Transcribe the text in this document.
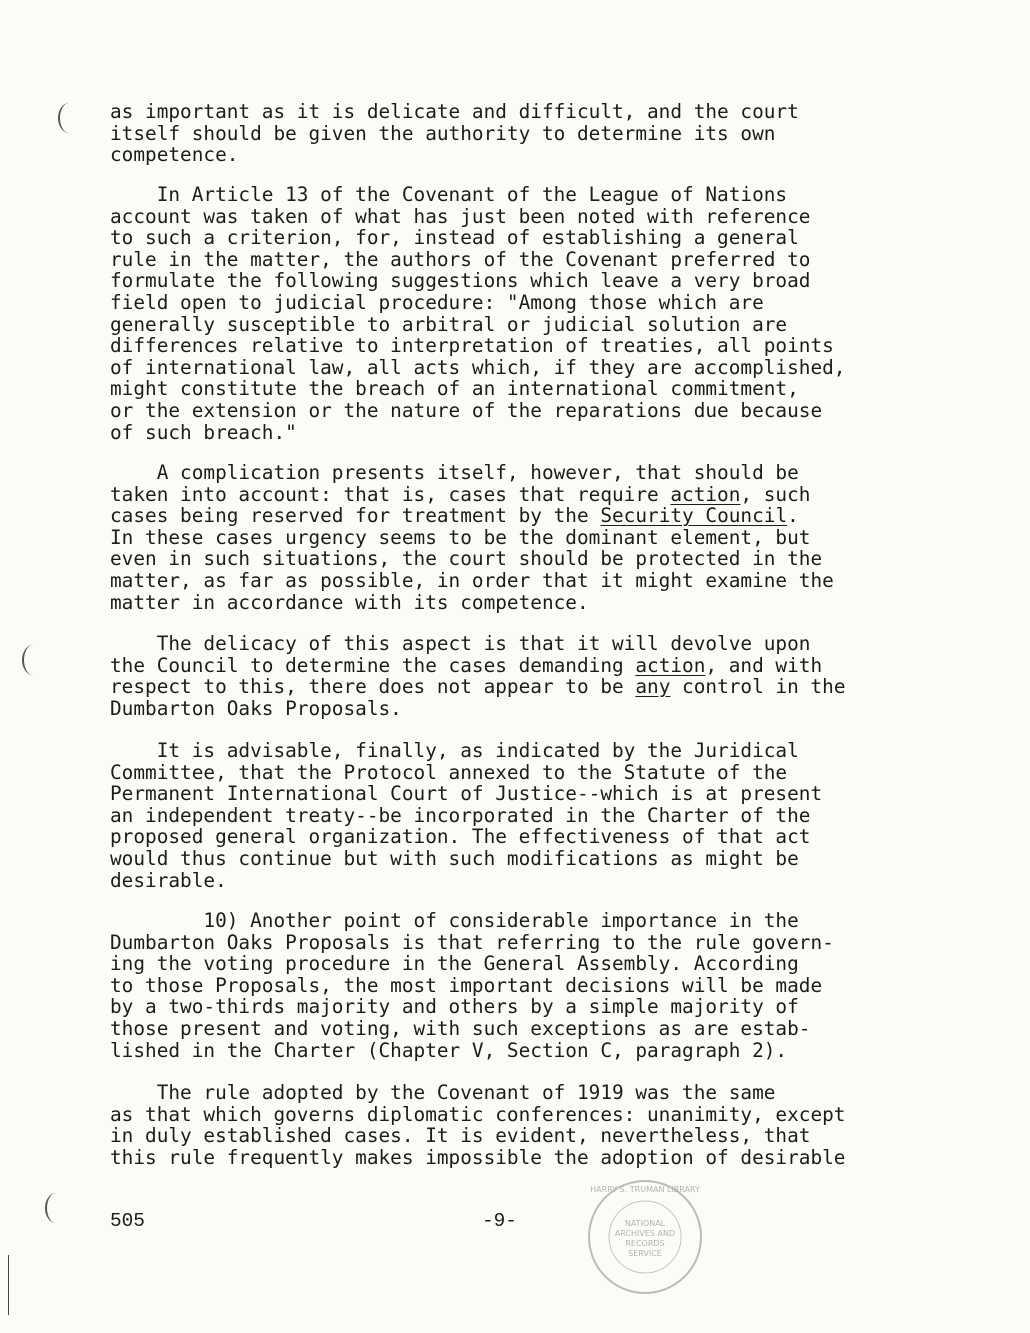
as important as it is delicate and difficult, and the court
itself should be given the authority to determine its own
competence.
In Article 13 of the Covenant of the League of Nations
account was taken of what has just been noted with reference
to such a criterion, for, instead of establishing a general
rule in the matter, the authors of the Covenant preferred to
formulate the following suggestions which leave a very broad
field open to judicial procedure: "Among those which are
generally susceptible to arbitral or judicial solution are
differences relative to interpretation of treaties, all points
of international law, all acts which, if they are accomplished,
might constitute the breach of an international commitment,
or the extension or the nature of the reparations due because
of such breach."
A complication presents itself, however, that should be
taken into account: that is, cases that require action, such
cases being reserved for treatment by the Security Council.
In these cases urgency seems to be the dominant element, but
even in such situations, the court should be protected in the
matter, as far as possible, in order that it might examine the
matter in accordance with its competence.
The delicacy of this aspect is that it will devolve upon
the Council to determine the cases demanding action, and with
respect to this, there does not appear to be any control in the
Dumbarton Oaks Proposals.
It is advisable, finally, as indicated by the Juridical
Committee, that the Protocol annexed to the Statute of the
Permanent International Court of Justice--which is at present
an independent treaty--be incorporated in the Charter of the
proposed general organization. The effectiveness of that act
would thus continue but with such modifications as might be
desirable.
10) Another point of considerable importance in the
Dumbarton Oaks Proposals is that referring to the rule govern-
ing the voting procedure in the General Assembly. According
to those Proposals, the most important decisions will be made
by a two-thirds majority and others by a simple majority of
those present and voting, with such exceptions as are estab-
lished in the Charter (Chapter V, Section C, paragraph 2).
The rule adopted by the Covenant of 1919 was the same
as that which governs diplomatic conferences: unanimity, except
in duly established cases. It is evident, nevertheless, that
this rule frequently makes impossible the adoption of desirable
505	-9-
HARRY S. TRUMAN LIBRARY
NATIONAL
ARCHIVES AND
RECORDS
SERVICE
